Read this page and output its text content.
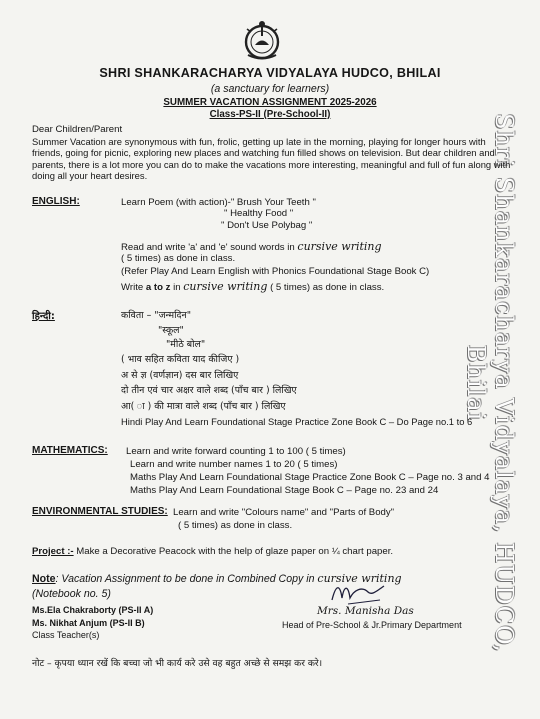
Shri Shankaracharya Vidyalaya, HUDCO, Bhilai
SHRI SHANKARACHARYA VIDYALAYA HUDCO, BHILAI
(a sanctuary for learners)
SUMMER VACATION ASSIGNMENT 2025-2026
Class-PS-II (Pre-School-II)
Dear Children/Parent
Summer Vacation are synonymous with fun, frolic, getting up late in the morning, playing for longer hours with friends, going for picnic, exploring new places and watching fun filled shows on television. But dear children and parents, there is a lot more you can do to make the vacations more interesting, meaningful and full of fun along with doing all your heart desires.
ENGLISH:	Learn Poem (with action)-" Brush Your Teeth "
" Healthy Food "
" Don't Use Polybag "
Read and write 'a' and 'e' sound words in cursive writing
( 5 times) as done in class.
(Refer Play And Learn English with Phonics Foundational Stage Book C)
Write a to z in cursive writing ( 5 times) as done in class.
हिन्दी:	कविता – "जन्मदिन"
"स्कूल"
"मीठे बोल"
( भाव सहित कविता याद कीजिए )
अ से ज्ञ (वर्णज्ञान) दस बार लिखिए
दो तीन एवं चार अक्षर वाले शब्द (पाँच बार ) लिखिए
आ( ा ) की मात्रा वाले शब्द (पाँच बार ) लिखिए
Hindi Play And Learn Foundational Stage Practice Zone Book C – Do Page no.1 to 6
MATHEMATICS: Learn and write forward counting 1 to 100 ( 5 times)
Learn and write number names 1 to 20 ( 5 times)
Maths Play And Learn Foundational Stage Practice Zone Book C – Page no. 3 and 4
Maths Play And Learn Foundational Stage Book C – Page no. 23 and 24
ENVIRONMENTAL STUDIES: Learn and write "Colours name" and "Parts of Body"
( 5 times) as done in class.
Project :- Make a Decorative Peacock with the help of glaze paper on ¼ chart paper.
Note: Vacation Assignment to be done in Combined Copy in cursive writing
(Notebook no. 5)
Ms.Ela Chakraborty (PS-II A)
Ms. Nikhat Anjum (PS-II B)
Class Teacher(s)
Mrs. Manisha Das
Head of Pre-School & Jr.Primary Department
नोट – कृपया ध्यान रखें कि बच्चा जो भी कार्य करे उसे वह बहुत अच्छे से समझ कर करे।
